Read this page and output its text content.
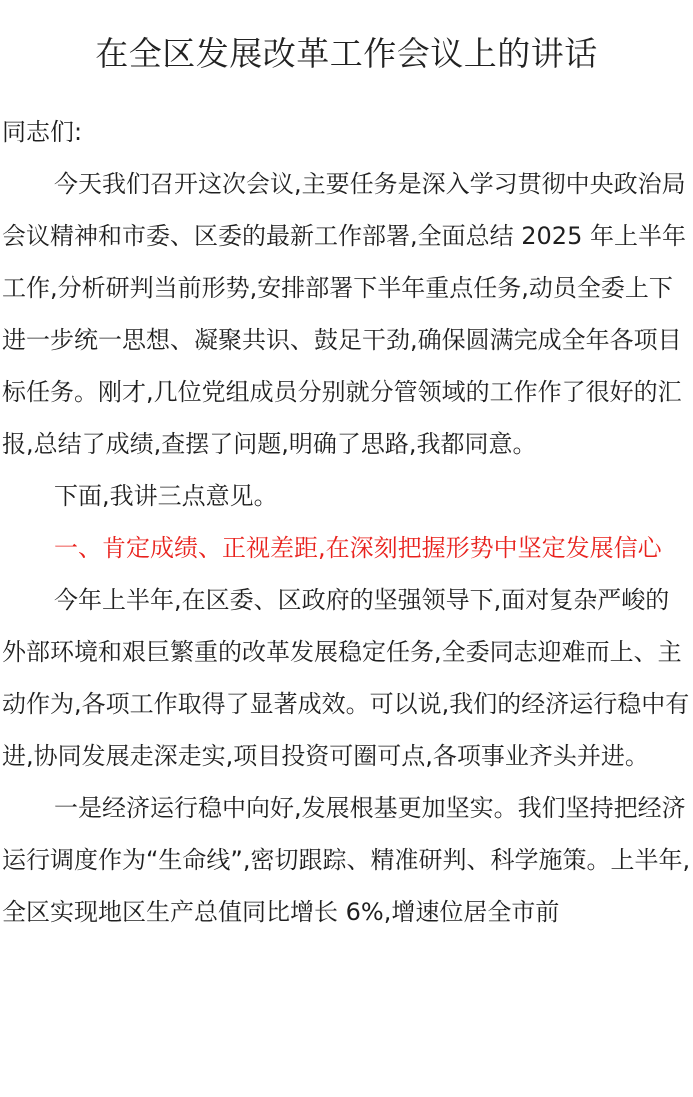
在全区发展改革工作会议上的讲话

同志们:

今天我们召开这次会议,主要任务是深入学习贯彻中央政治局会议精神和市委、区委的最新工作部署,全面总结 2025 年上半年工作,分析研判当前形势,安排部署下半年重点任务,动员全委上下进一步统一思想、凝聚共识、鼓足干劲,确保圆满完成全年各项目标任务。刚才,几位党组成员分别就分管领域的工作作了很好的汇报,总结了成绩,查摆了问题,明确了思路,我都同意。

下面,我讲三点意见。

一、肯定成绩、正视差距,在深刻把握形势中坚定发展信心

今年上半年,在区委、区政府的坚强领导下,面对复杂严峻的外部环境和艰巨繁重的改革发展稳定任务,全委同志迎难而上、主动作为,各项工作取得了显著成效。可以说,我们的经济运行稳中有进,协同发展走深走实,项目投资可圈可点,各项事业齐头并进。

一是经济运行稳中向好,发展根基更加坚实。我们坚持把经济运行调度作为“生命线”,密切跟踪、精准研判、科学施策。上半年,全区实现地区生产总值同比增长 6%,增速位居全市前
